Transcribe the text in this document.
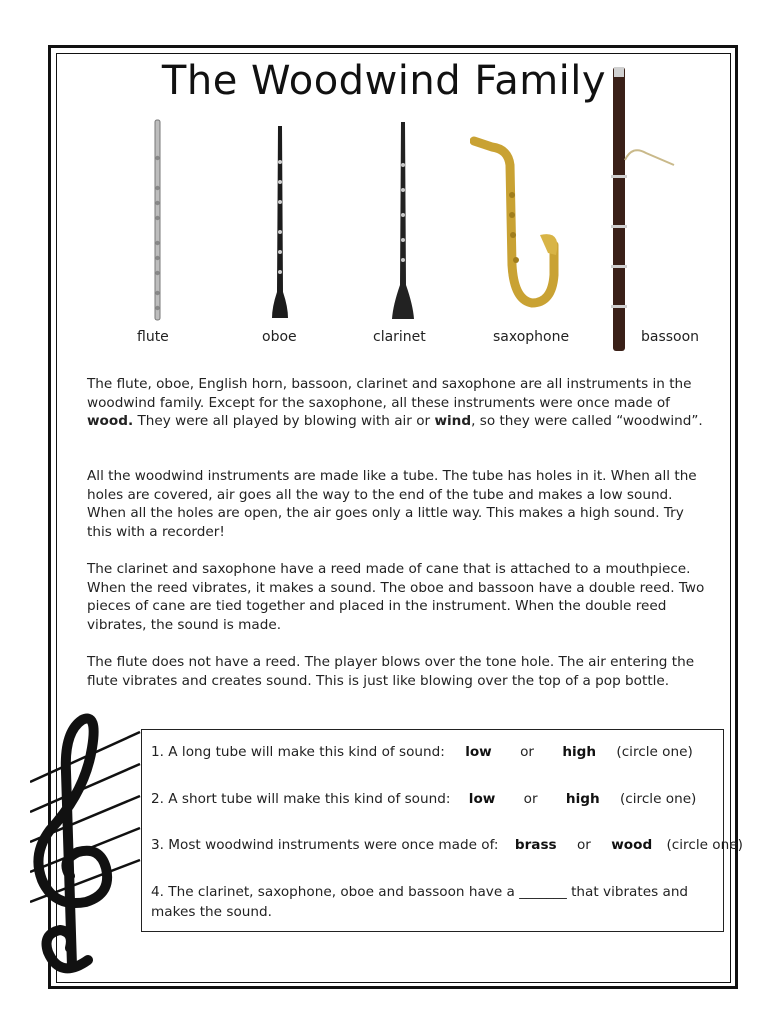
The Woodwind Family
flute	oboe	clarinet	saxophone	bassoon

The flute, oboe, English horn, bassoon, clarinet and saxophone are all instruments in the woodwind family. Except for the saxophone, all these instruments were once made of wood. They were all played by blowing with air or wind, so they were called “woodwind”.

All the woodwind instruments are made like a tube. The tube has holes in it. When all the holes are covered, air goes all the way to the end of the tube and makes a low sound. When all the holes are open, the air goes only a little way. This makes a high sound. Try this with a recorder!

The clarinet and saxophone have a reed made of cane that is attached to a mouthpiece. When the reed vibrates, it makes a sound. The oboe and bassoon have a double reed. Two pieces of cane are tied together and placed in the instrument. When the double reed vibrates, the sound is made.

The flute does not have a reed. The player blows over the tone hole. The air entering the flute vibrates and creates sound. This is just like blowing over the top of a pop bottle.

1. A long tube will make this kind of sound: low or high (circle one)
2. A short tube will make this kind of sound: low or high (circle one)
3. Most woodwind instruments were once made of: brass or wood (circle one)
4. The clarinet, saxophone, oboe and bassoon have a _______ that vibrates and
makes the sound.
